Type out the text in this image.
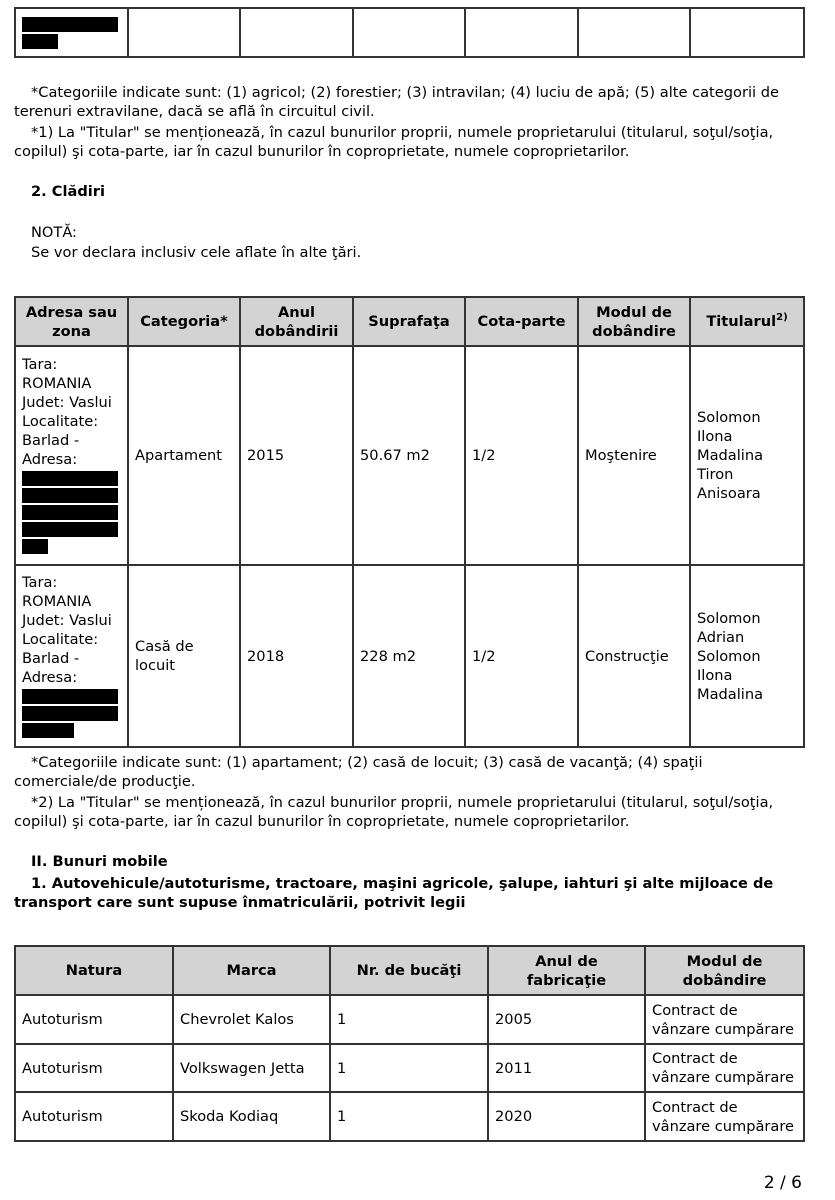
*Categoriile indicate sunt: (1) agricol; (2) forestier; (3) intravilan; (4) luciu de apă; (5) alte categorii de terenuri extravilane, dacă se află în circuitul civil.
*1) La "Titular" se menționează, în cazul bunurilor proprii, numele proprietarului (titularul, soţul/soţia, copilul) şi cota-parte, iar în cazul bunurilor în coproprietate, numele coproprietarilor.
2. Clădiri
NOTĂ:
Se vor declara inclusiv cele aflate în alte ţări.
Adresa sau zona	Categoria*	Anul dobândirii	Suprafaţa	Cota-parte	Modul de dobândire	Titularul$^{2)}$
Tara: ROMANIA Judet: Vaslui Localitate: Barlad - Adresa:	Apartament	2015	50.67 m2	1/2	Moştenire	Solomon Ilona Madalina Tiron Anisoara
Tara: ROMANIA Judet: Vaslui Localitate: Barlad - Adresa:	Casă de locuit	2018	228 m2	1/2	Construcţie	Solomon Adrian Solomon Ilona Madalina
*Categoriile indicate sunt: (1) apartament; (2) casă de locuit; (3) casă de vacanţă; (4) spaţii comerciale/de producţie.
*2) La "Titular" se menționează, în cazul bunurilor proprii, numele proprietarului (titularul, soţul/soţia, copilul) şi cota-parte, iar în cazul bunurilor în coproprietate, numele coproprietarilor.
II. Bunuri mobile
1. Autovehicule/autoturisme, tractoare, maşini agricole, şalupe, iahturi şi alte mijloace de transport care sunt supuse înmatriculării, potrivit legii
Natura	Marca	Nr. de bucăţi	Anul de fabricaţie	Modul de dobândire
Autoturism	Chevrolet Kalos	1	2005	Contract de vânzare cumpărare
Autoturism	Volkswagen Jetta	1	2011	Contract de vânzare cumpărare
Autoturism	Skoda Kodiaq	1	2020	Contract de vânzare cumpărare
2 / 6
